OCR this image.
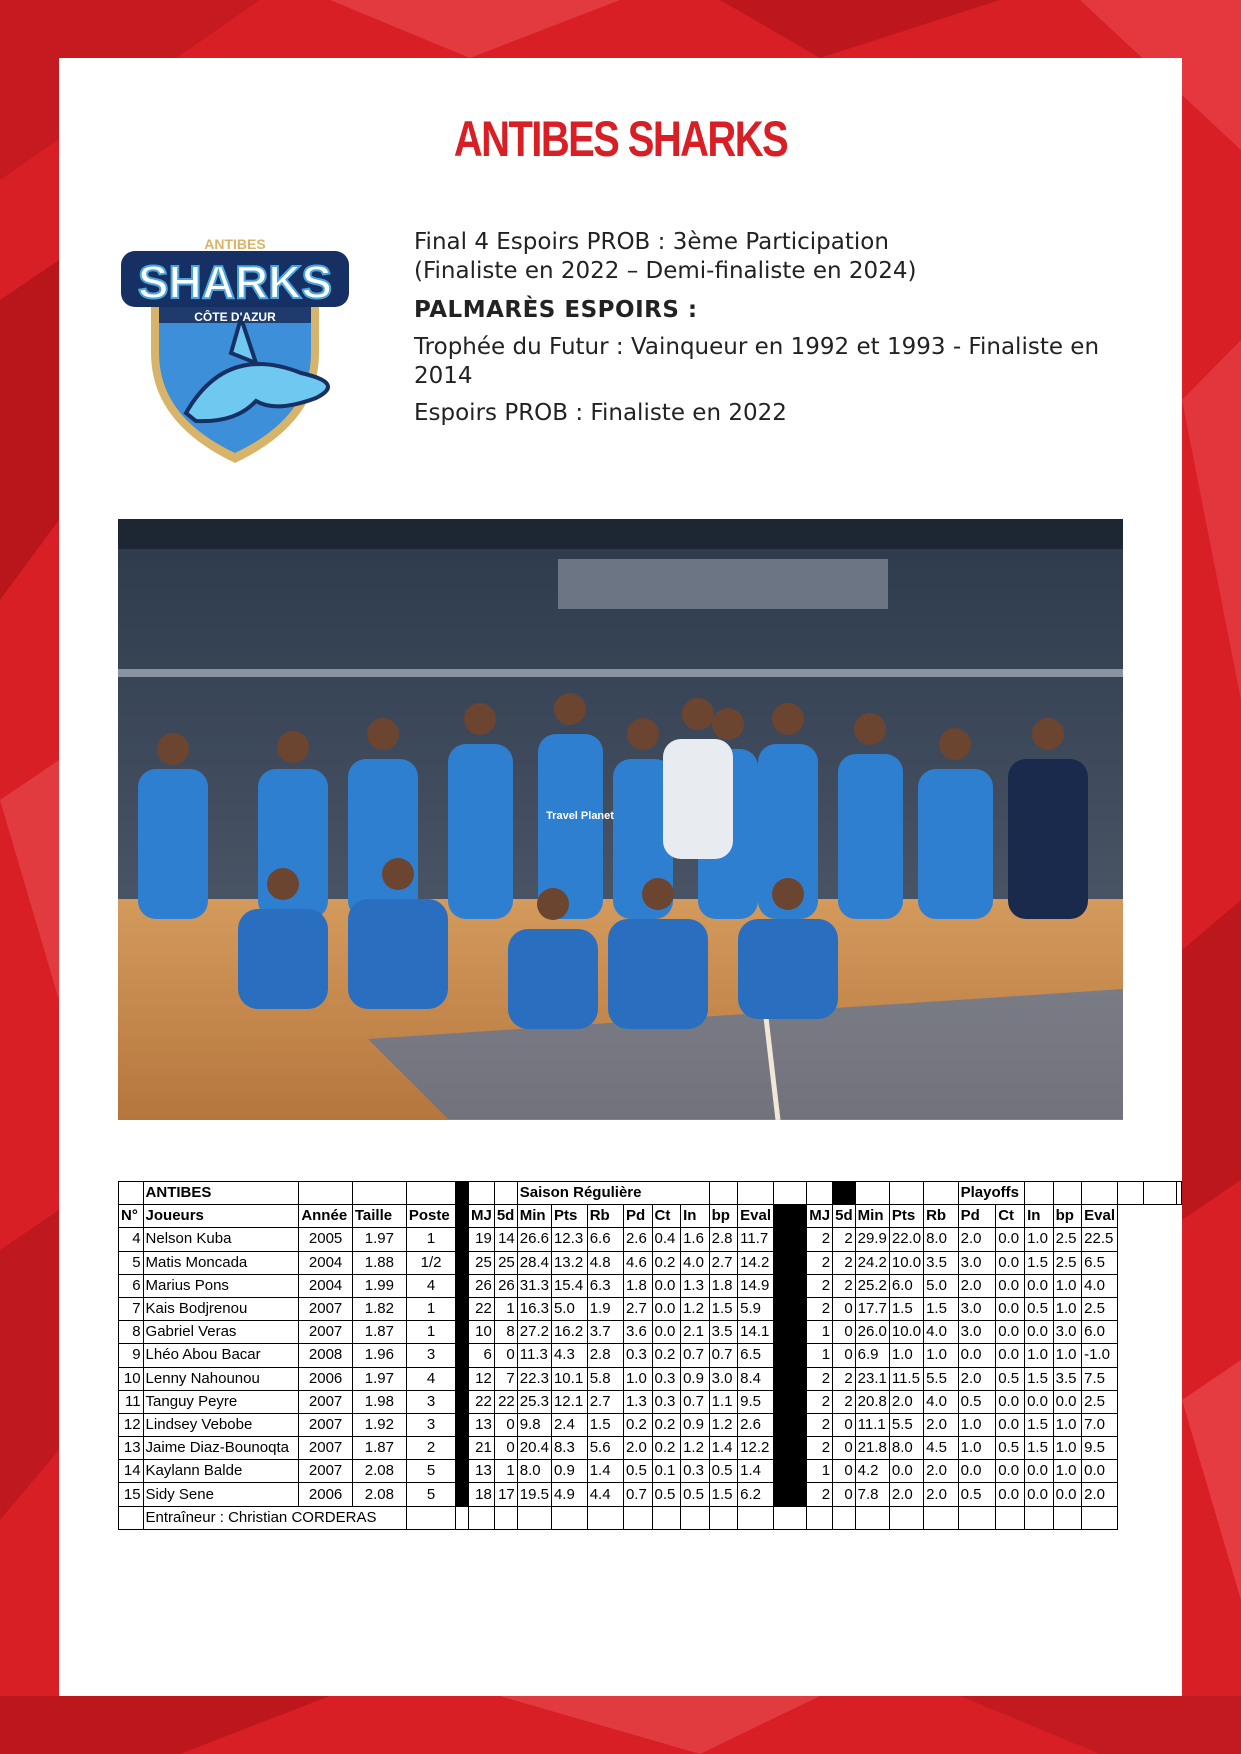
ANTIBES SHARKS
SHARKS
ANTIBES
CÔTE D'AZUR
Final 4 Espoirs PROB : 3ème Participation
(Finaliste en 2022 – Demi-finaliste en 2024)
PALMARÈS ESPOIRS :
Trophée du Futur : Vainqueur en 1992 et 1993 - Finaliste en 2014
Espoirs PROB : Finaliste en 2022
Travel Planet
	ANTIBES							Saison Régulière														Playoffs							
N°	Joueurs	Année	Taille	Poste		MJ	5d	Min	Pts	Rb	Pd	Ct	In	bp	Eval		MJ	5d	Min	Pts	Rb	Pd	Ct	In	bp	Eval			
4	Nelson Kuba	2005	1.97	1		19	14	26.6	12.3	6.6	2.6	0.4	1.6	2.8	11.7		2	2	29.9	22.0	8.0	2.0	0.0	1.0	2.5	22.5			
5	Matis Moncada	2004	1.88	1/2		25	25	28.4	13.2	4.8	4.6	0.2	4.0	2.7	14.2		2	2	24.2	10.0	3.5	3.0	0.0	1.5	2.5	6.5			
6	Marius Pons	2004	1.99	4		26	26	31.3	15.4	6.3	1.8	0.0	1.3	1.8	14.9		2	2	25.2	6.0	5.0	2.0	0.0	0.0	1.0	4.0			
7	Kais Bodjrenou	2007	1.82	1		22	1	16.3	5.0	1.9	2.7	0.0	1.2	1.5	5.9		2	0	17.7	1.5	1.5	3.0	0.0	0.5	1.0	2.5			
8	Gabriel Veras	2007	1.87	1		10	8	27.2	16.2	3.7	3.6	0.0	2.1	3.5	14.1		1	0	26.0	10.0	4.0	3.0	0.0	0.0	3.0	6.0			
9	Lhéo Abou Bacar	2008	1.96	3		6	0	11.3	4.3	2.8	0.3	0.2	0.7	0.7	6.5		1	0	6.9	1.0	1.0	0.0	0.0	1.0	1.0	-1.0			
10	Lenny Nahounou	2006	1.97	4		12	7	22.3	10.1	5.8	1.0	0.3	0.9	3.0	8.4		2	2	23.1	11.5	5.5	2.0	0.5	1.5	3.5	7.5			
11	Tanguy Peyre	2007	1.98	3		22	22	25.3	12.1	2.7	1.3	0.3	0.7	1.1	9.5		2	2	20.8	2.0	4.0	0.5	0.0	0.0	0.0	2.5			
12	Lindsey Vebobe	2007	1.92	3		13	0	9.8	2.4	1.5	0.2	0.2	0.9	1.2	2.6		2	0	11.1	5.5	2.0	1.0	0.0	1.5	1.0	7.0			
13	Jaime Diaz-Bounoqta	2007	1.87	2		21	0	20.4	8.3	5.6	2.0	0.2	1.2	1.4	12.2		2	0	21.8	8.0	4.5	1.0	0.5	1.5	1.0	9.5			
14	Kaylann Balde	2007	2.08	5		13	1	8.0	0.9	1.4	0.5	0.1	0.3	0.5	1.4		1	0	4.2	0.0	2.0	0.0	0.0	0.0	1.0	0.0			
15	Sidy Sene	2006	2.08	5		18	17	19.5	4.9	4.4	0.7	0.5	0.5	1.5	6.2		2	0	7.8	2.0	2.0	0.5	0.0	0.0	0.0	2.0			
	Entraîneur : Christian CORDERAS																												
